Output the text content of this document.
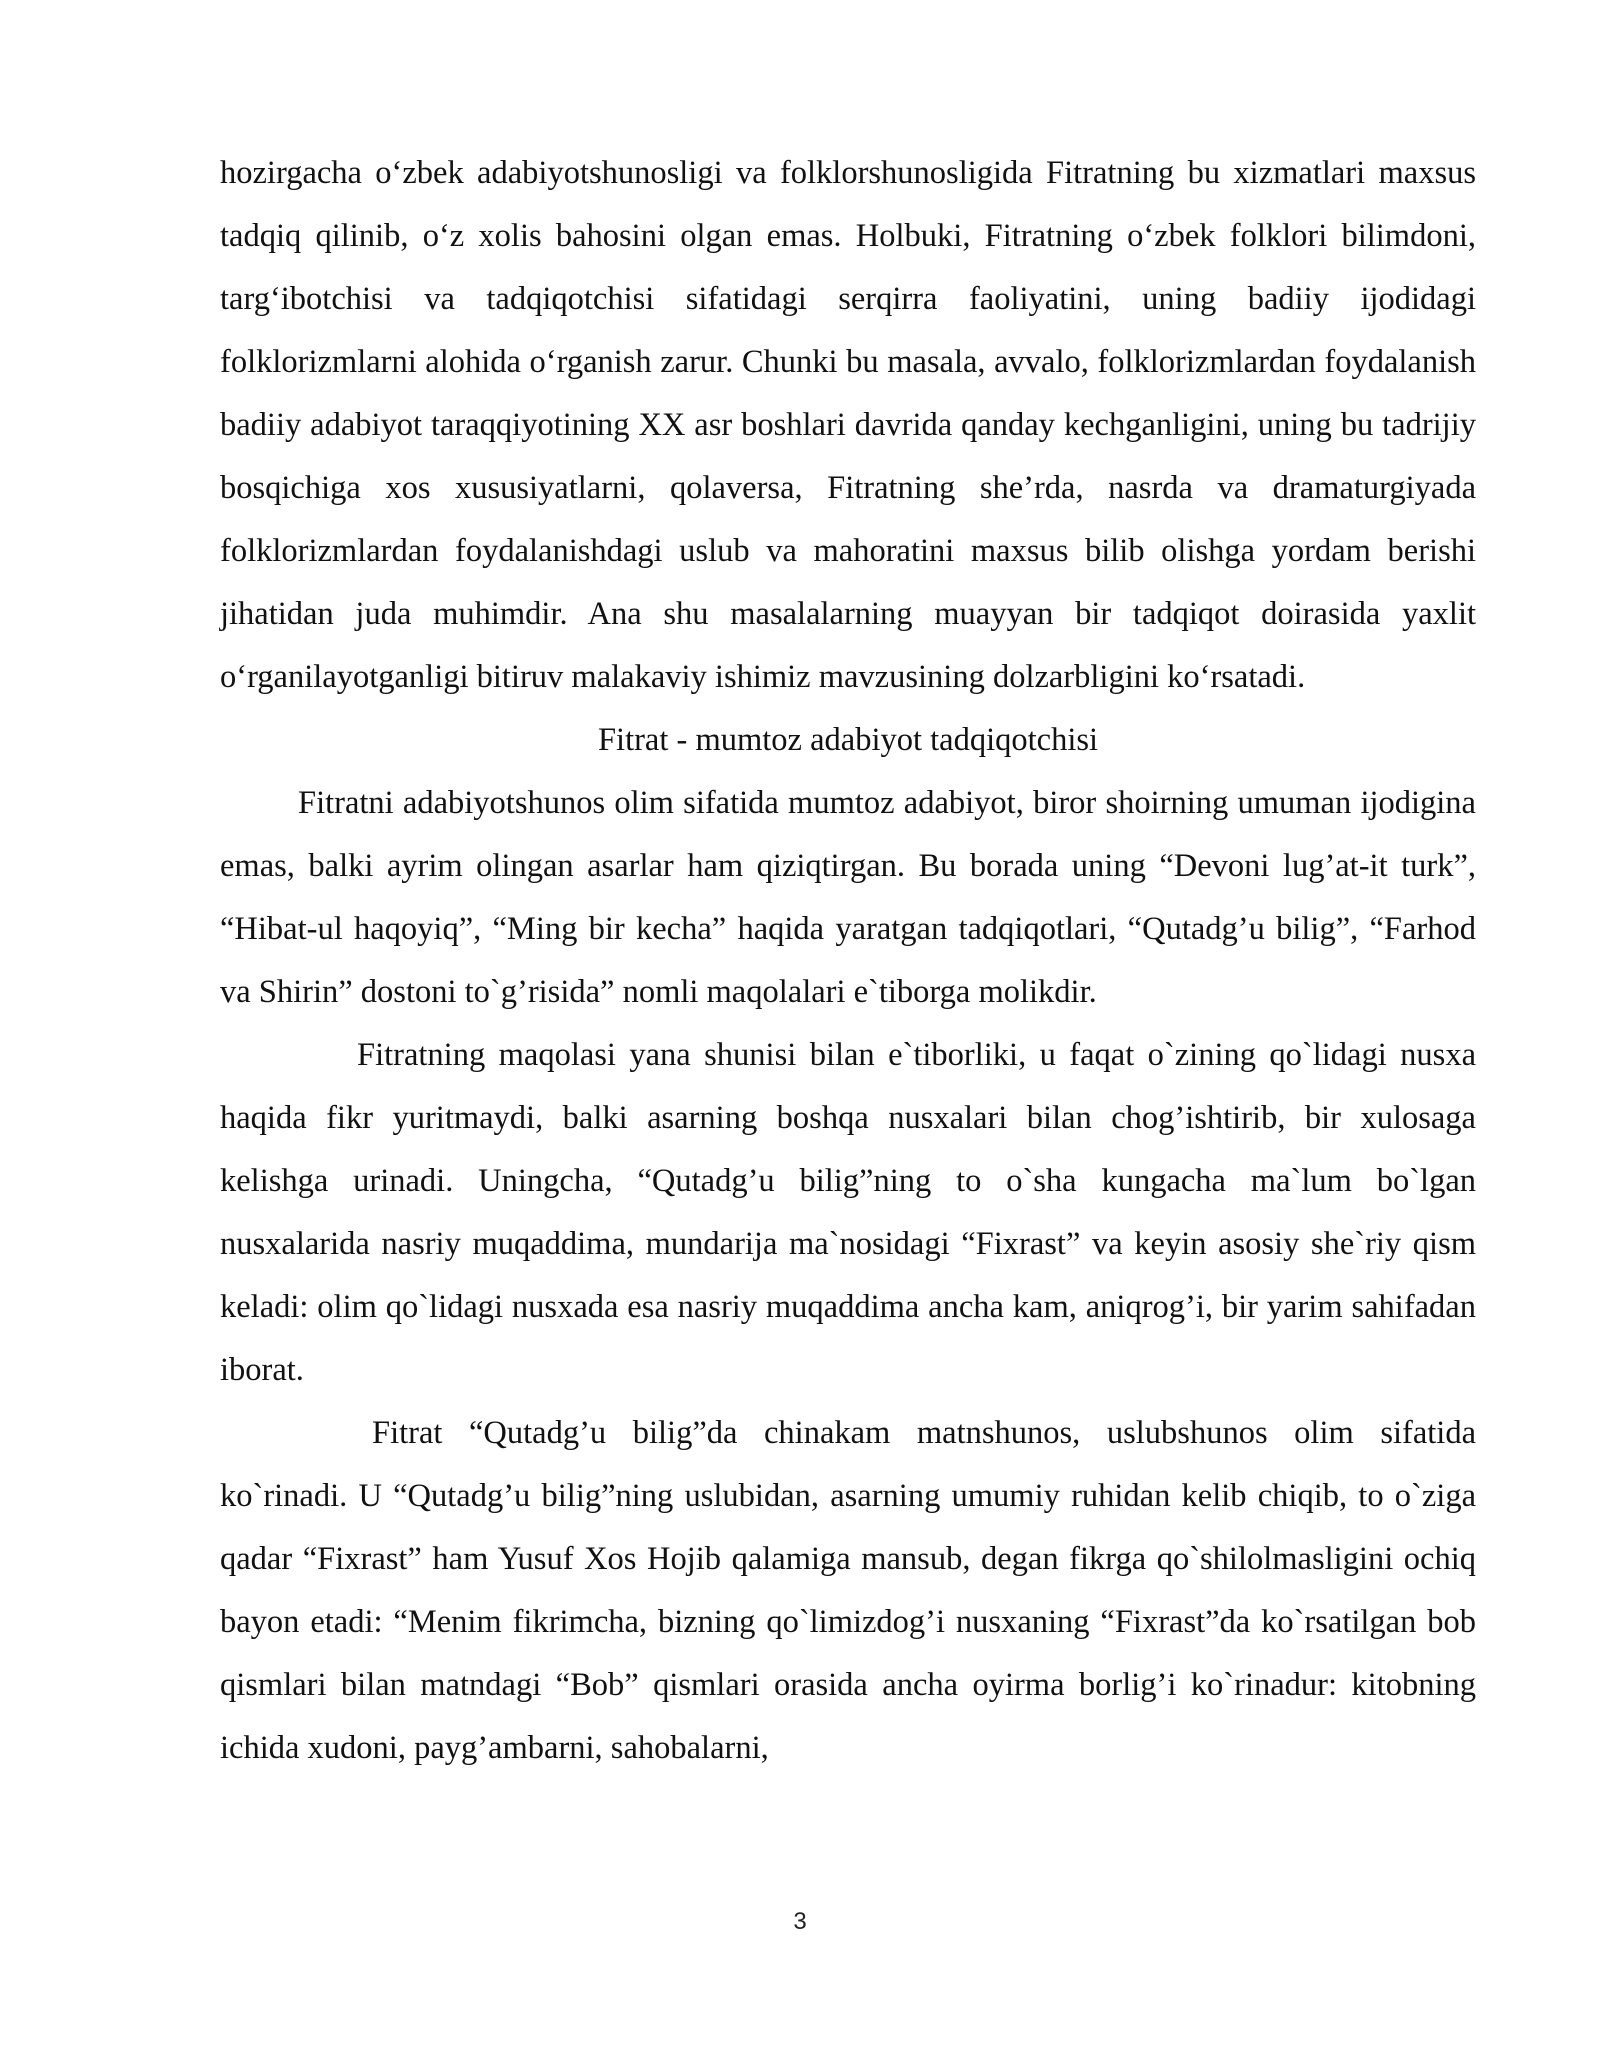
hozirgacha o‘zbek adabiyotshunosligi va folklorshunosligida Fitratning bu xizmatlari maxsus tadqiq qilinib, o‘z xolis bahosini olgan emas. Holbuki, Fitratning o‘zbek folklori bilimdoni, targ‘ibotchisi va tadqiqotchisi sifatidagi serqirra faoliyatini, uning badiiy ijodidagi folklorizmlarni alohida o‘rganish zarur. Chunki bu masala, avvalo, folklorizmlardan foydalanish badiiy adabiyot taraqqiyotining XX asr boshlari davrida qanday kechganligini, uning bu tadrijiy bosqichiga xos xususiyatlarni, qolaversa, Fitratning she’rda, nasrda va dramaturgiyada folklorizmlardan foydalanishdagi uslub va mahoratini maxsus bilib olishga yordam berishi jihatidan juda muhimdir. Ana shu masalalarning muayyan bir tadqiqot doirasida yaxlit o‘rganilayotganligi bitiruv malakaviy ishimiz mavzusining dolzarbligini ko‘rsatadi.

Fitrat - mumtoz adabiyot tadqiqotchisi

Fitratni adabiyotshunos olim sifatida mumtoz adabiyot, biror shoirning umuman ijodigina emas, balki ayrim olingan asarlar ham qiziqtirgan. Bu borada uning “Devoni lug’at-it turk”, “Hibat-ul haqoyiq”, “Ming bir kecha” haqida yaratgan tadqiqotlari, “Qutadg’u bilig”, “Farhod va Shirin” dostoni to`g’risida” nomli maqolalari e`tiborga molikdir.

Fitratning maqolasi yana shunisi bilan e`tiborliki, u faqat o`zining qo`lidagi nusxa haqida fikr yuritmaydi, balki asarning boshqa nusxalari bilan chog’ishtirib, bir xulosaga kelishga urinadi. Uningcha, “Qutadg’u bilig”ning to o`sha kungacha ma`lum bo`lgan nusxalarida nasriy muqaddima, mundarija ma`nosidagi “Fixrast” va keyin asosiy she`riy qism keladi: olim qo`lidagi nusxada esa nasriy muqaddima ancha kam, aniqrog’i, bir yarim sahifadan iborat.

Fitrat “Qutadg’u bilig”da chinakam matnshunos, uslubshunos olim sifatida ko`rinadi. U “Qutadg’u bilig”ning uslubidan, asarning umumiy ruhidan kelib chiqib, to o`ziga qadar “Fixrast” ham Yusuf Xos Hojib qalamiga mansub, degan fikrga qo`shilolmasligini ochiq bayon etadi: “Menim fikrimcha, bizning qo`limizdog’i nusxaning “Fixrast”da ko`rsatilgan bob qismlari bilan matndagi “Bob” qismlari orasida ancha oyirma borlig’i ko`rinadur: kitobning ichida xudoni, payg’ambarni, sahobalarni,

3
